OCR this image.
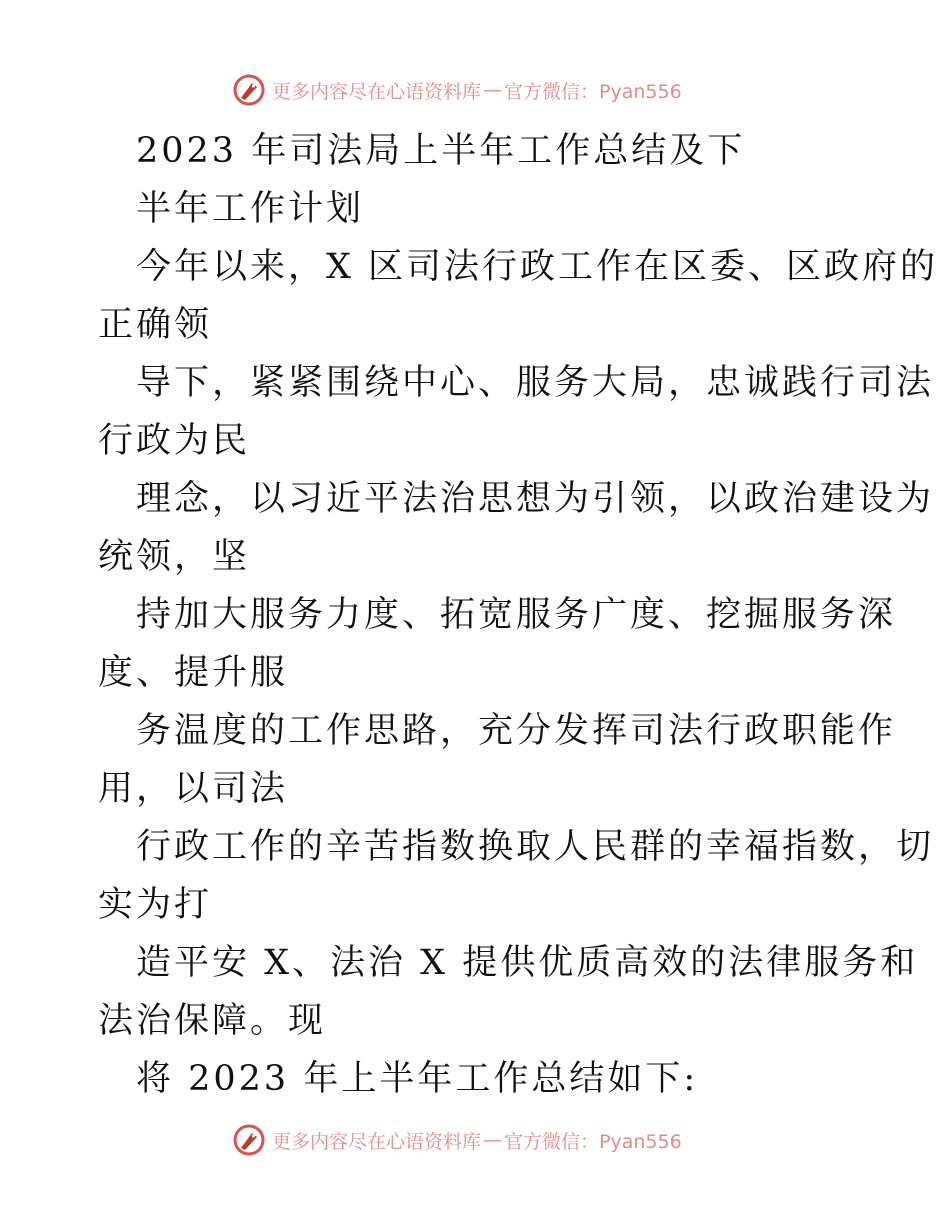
更多内容尽在心语资料库 — 官方微信：Pyan556
2023 年司法局上半年工作总结及下
半年工作计划
今年以来，X 区司法行政工作在区委、区政府的
正确领
导下，紧紧围绕中心、服务大局，忠诚践行司法
行政为民
理念，以习近平法治思想为引领，以政治建设为
统领，坚
持加大服务力度、拓宽服务广度、挖掘服务深
度、提升服
务温度的工作思路，充分发挥司法行政职能作
用，以司法
行政工作的辛苦指数换取人民群的幸福指数，切
实为打
造平安 X、法治 X 提供优质高效的法律服务和
法治保障。现
将 2023 年上半年工作总结如下:
更多内容尽在心语资料库 — 官方微信：Pyan556
